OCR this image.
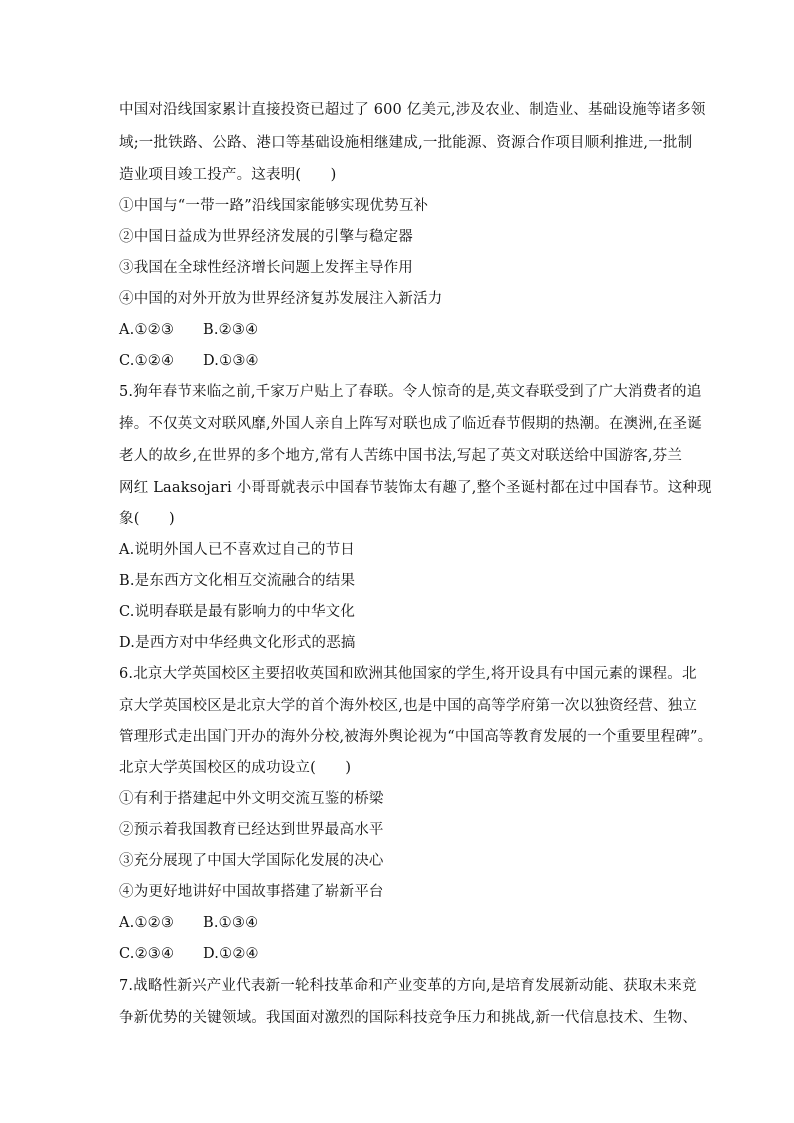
中国对沿线国家累计直接投资已超过了 600 亿美元,涉及农业、制造业、基础设施等诸多领
域;一批铁路、公路、港口等基础设施相继建成,一批能源、资源合作项目顺利推进,一批制
造业项目竣工投产。这表明(　　)
①中国与“一带一路”沿线国家能够实现优势互补
②中国日益成为世界经济发展的引擎与稳定器
③我国在全球性经济增长问题上发挥主导作用
④中国的对外开放为世界经济复苏发展注入新活力
A.①②③ B.②③④
C.①②④ D.①③④
5.狗年春节来临之前,千家万户贴上了春联。令人惊奇的是,英文春联受到了广大消费者的追
捧。不仅英文对联风靡,外国人亲自上阵写对联也成了临近春节假期的热潮。在澳洲,在圣诞
老人的故乡,在世界的多个地方,常有人苦练中国书法,写起了英文对联送给中国游客,芬兰
网红 Laaksojari 小哥哥就表示中国春节装饰太有趣了,整个圣诞村都在过中国春节。这种现
象(　　)
A.说明外国人已不喜欢过自己的节日
B.是东西方文化相互交流融合的结果
C.说明春联是最有影响力的中华文化
D.是西方对中华经典文化形式的恶搞
6.北京大学英国校区主要招收英国和欧洲其他国家的学生,将开设具有中国元素的课程。北
京大学英国校区是北京大学的首个海外校区,也是中国的高等学府第一次以独资经营、独立
管理形式走出国门开办的海外分校,被海外舆论视为“中国高等教育发展的一个重要里程碑”。
北京大学英国校区的成功设立(　　)
①有利于搭建起中外文明交流互鉴的桥梁
②预示着我国教育已经达到世界最高水平
③充分展现了中国大学国际化发展的决心
④为更好地讲好中国故事搭建了崭新平台
A.①②③ B.①③④
C.②③④ D.①②④
7.战略性新兴产业代表新一轮科技革命和产业变革的方向,是培育发展新动能、获取未来竞
争新优势的关键领域。我国面对激烈的国际科技竞争压力和挑战,新一代信息技术、生物、
